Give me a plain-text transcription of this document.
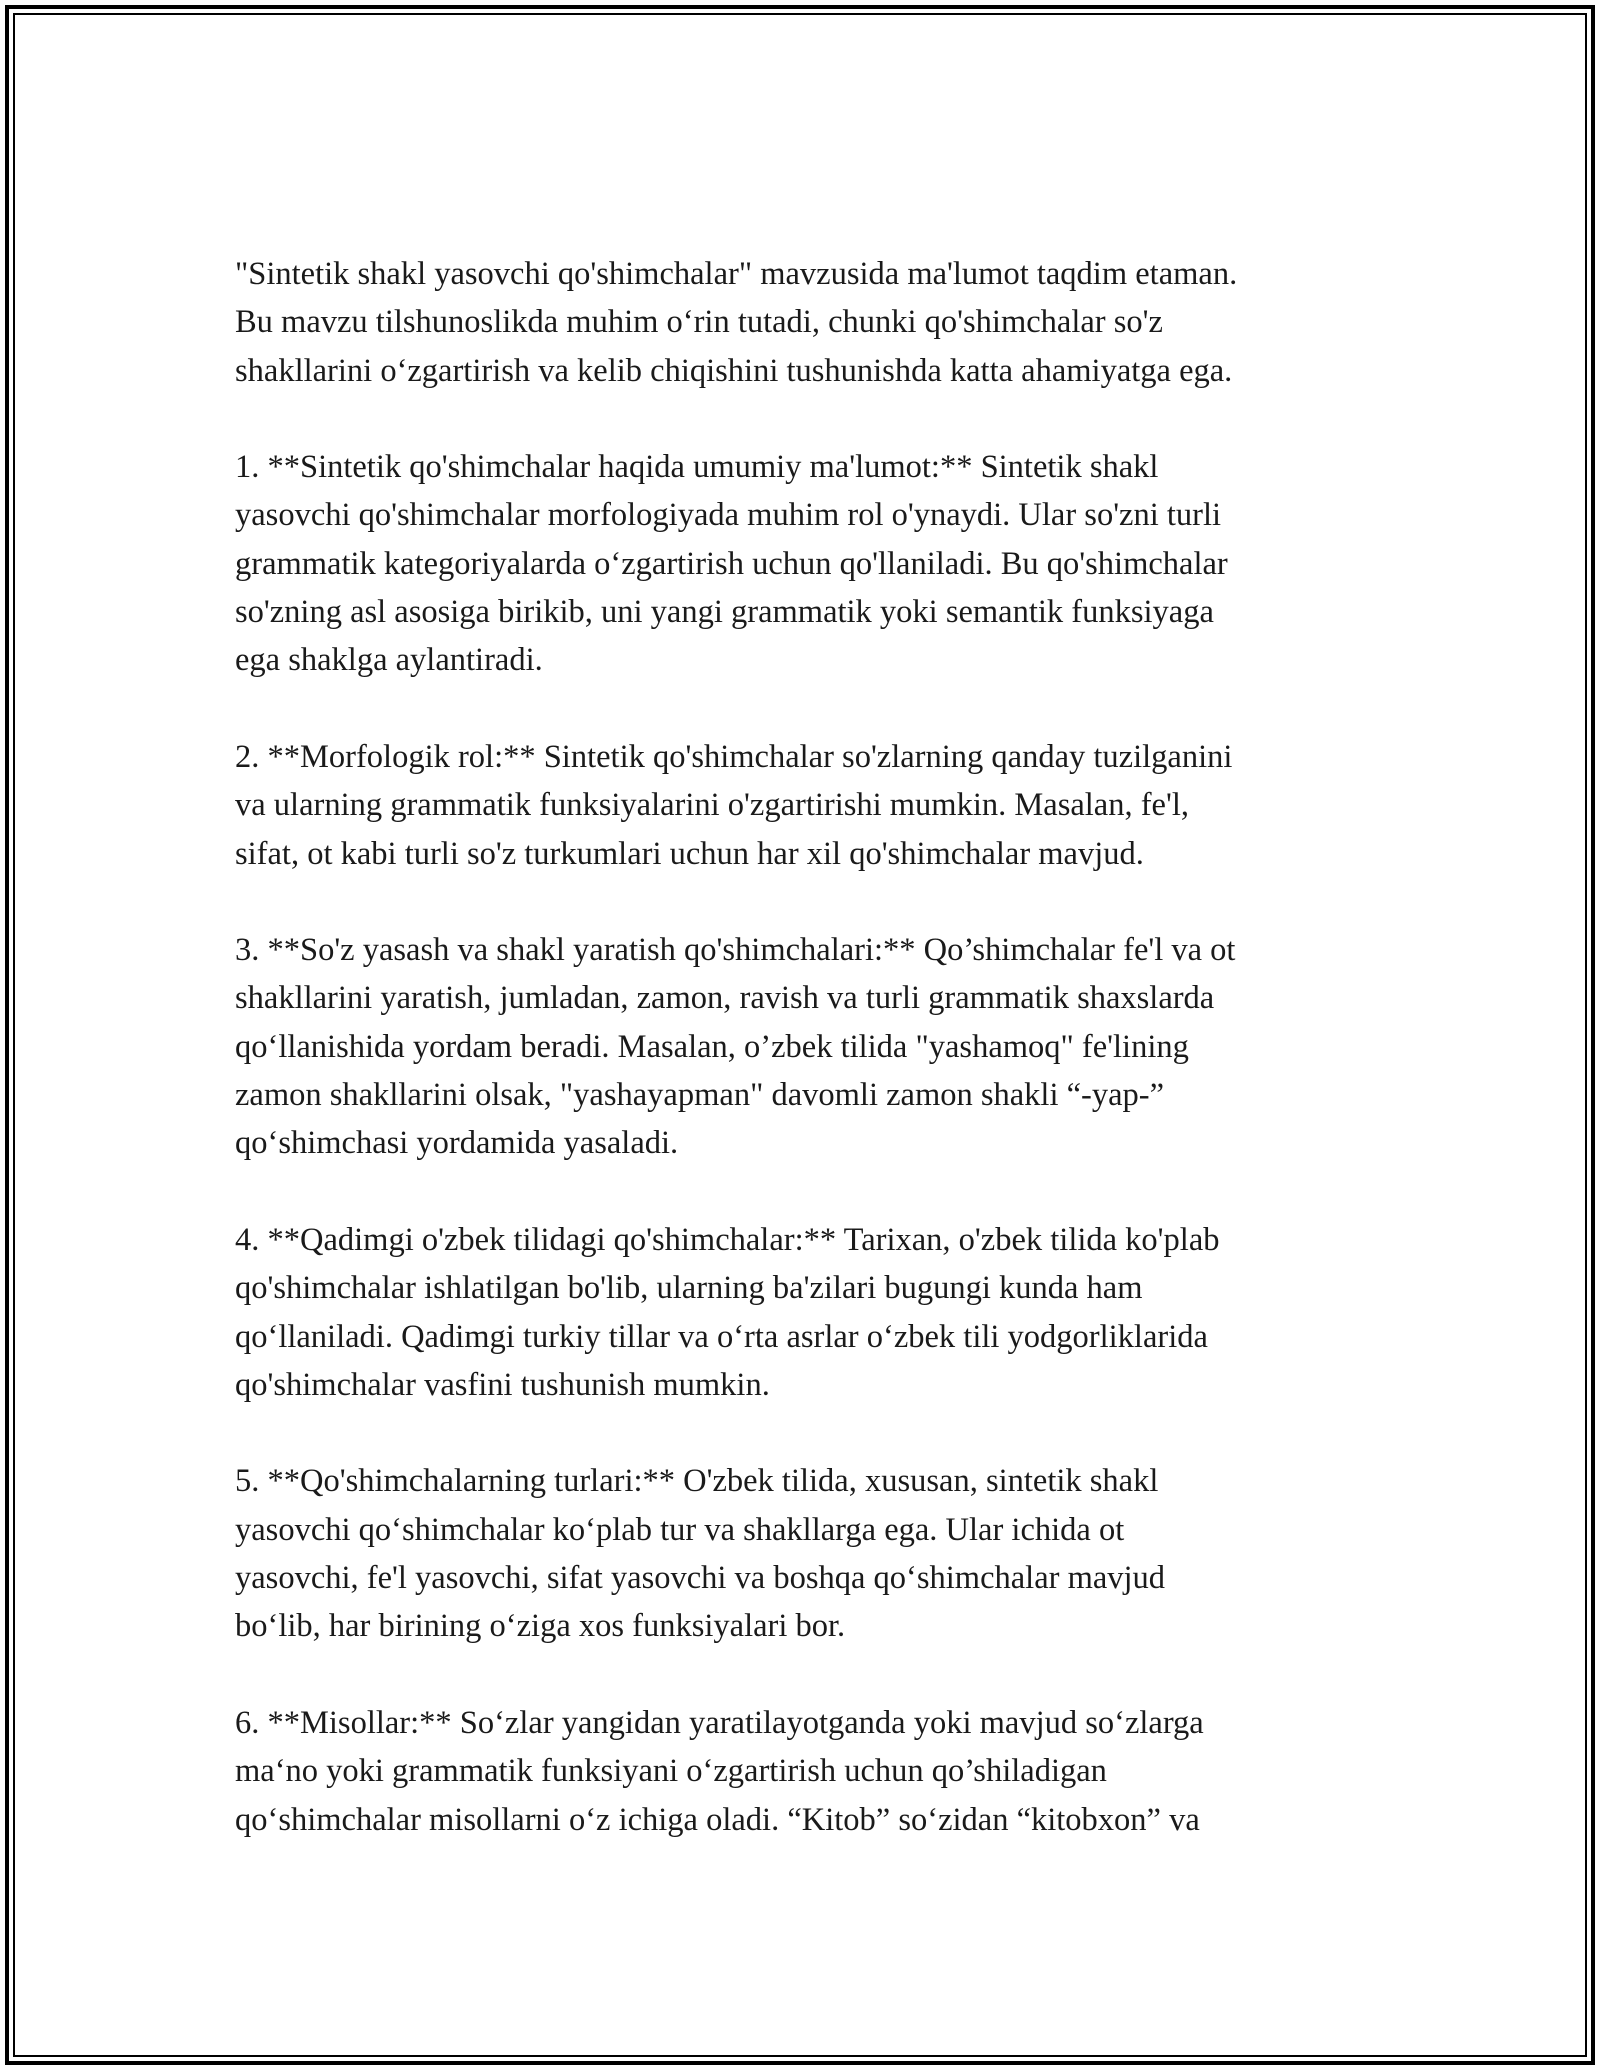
"Sintetik shakl yasovchi qo'shimchalar" mavzusida ma'lumot taqdim etaman.
Bu mavzu tilshunoslikda muhim o‘rin tutadi, chunki qo'shimchalar so'z
shakllarini o‘zgartirish va kelib chiqishini tushunishda katta ahamiyatga ega.
1. **Sintetik qo'shimchalar haqida umumiy ma'lumot:** Sintetik shakl
yasovchi qo'shimchalar morfologiyada muhim rol o'ynaydi. Ular so'zni turli
grammatik kategoriyalarda o‘zgartirish uchun qo'llaniladi. Bu qo'shimchalar
so'zning asl asosiga birikib, uni yangi grammatik yoki semantik funksiyaga
ega shaklga aylantiradi.
2. **Morfologik rol:** Sintetik qo'shimchalar so'zlarning qanday tuzilganini
va ularning grammatik funksiyalarini o'zgartirishi mumkin. Masalan, fe'l,
sifat, ot kabi turli so'z turkumlari uchun har xil qo'shimchalar mavjud.
3. **So'z yasash va shakl yaratish qo'shimchalari:** Qo’shimchalar fe'l va ot
shakllarini yaratish, jumladan, zamon, ravish va turli grammatik shaxslarda
qo‘llanishida yordam beradi. Masalan, o’zbek tilida "yashamoq" fe'lining
zamon shakllarini olsak, "yashayapman" davomli zamon shakli “-yap-”
qo‘shimchasi yordamida yasaladi.
4. **Qadimgi o'zbek tilidagi qo'shimchalar:** Tarixan, o'zbek tilida ko'plab
qo'shimchalar ishlatilgan bo'lib, ularning ba'zilari bugungi kunda ham
qo‘llaniladi. Qadimgi turkiy tillar va o‘rta asrlar o‘zbek tili yodgorliklarida
qo'shimchalar vasfini tushunish mumkin.
5. **Qo'shimchalarning turlari:** O'zbek tilida, xususan, sintetik shakl
yasovchi qo‘shimchalar ko‘plab tur va shakllarga ega. Ular ichida ot
yasovchi, fe'l yasovchi, sifat yasovchi va boshqa qo‘shimchalar mavjud
bo‘lib, har birining o‘ziga xos funksiyalari bor.
6. **Misollar:** So‘zlar yangidan yaratilayotganda yoki mavjud so‘zlarga
ma‘no yoki grammatik funksiyani o‘zgartirish uchun qo’shiladigan
qo‘shimchalar misollarni o‘z ichiga oladi. “Kitob” so‘zidan “kitobxon” va
